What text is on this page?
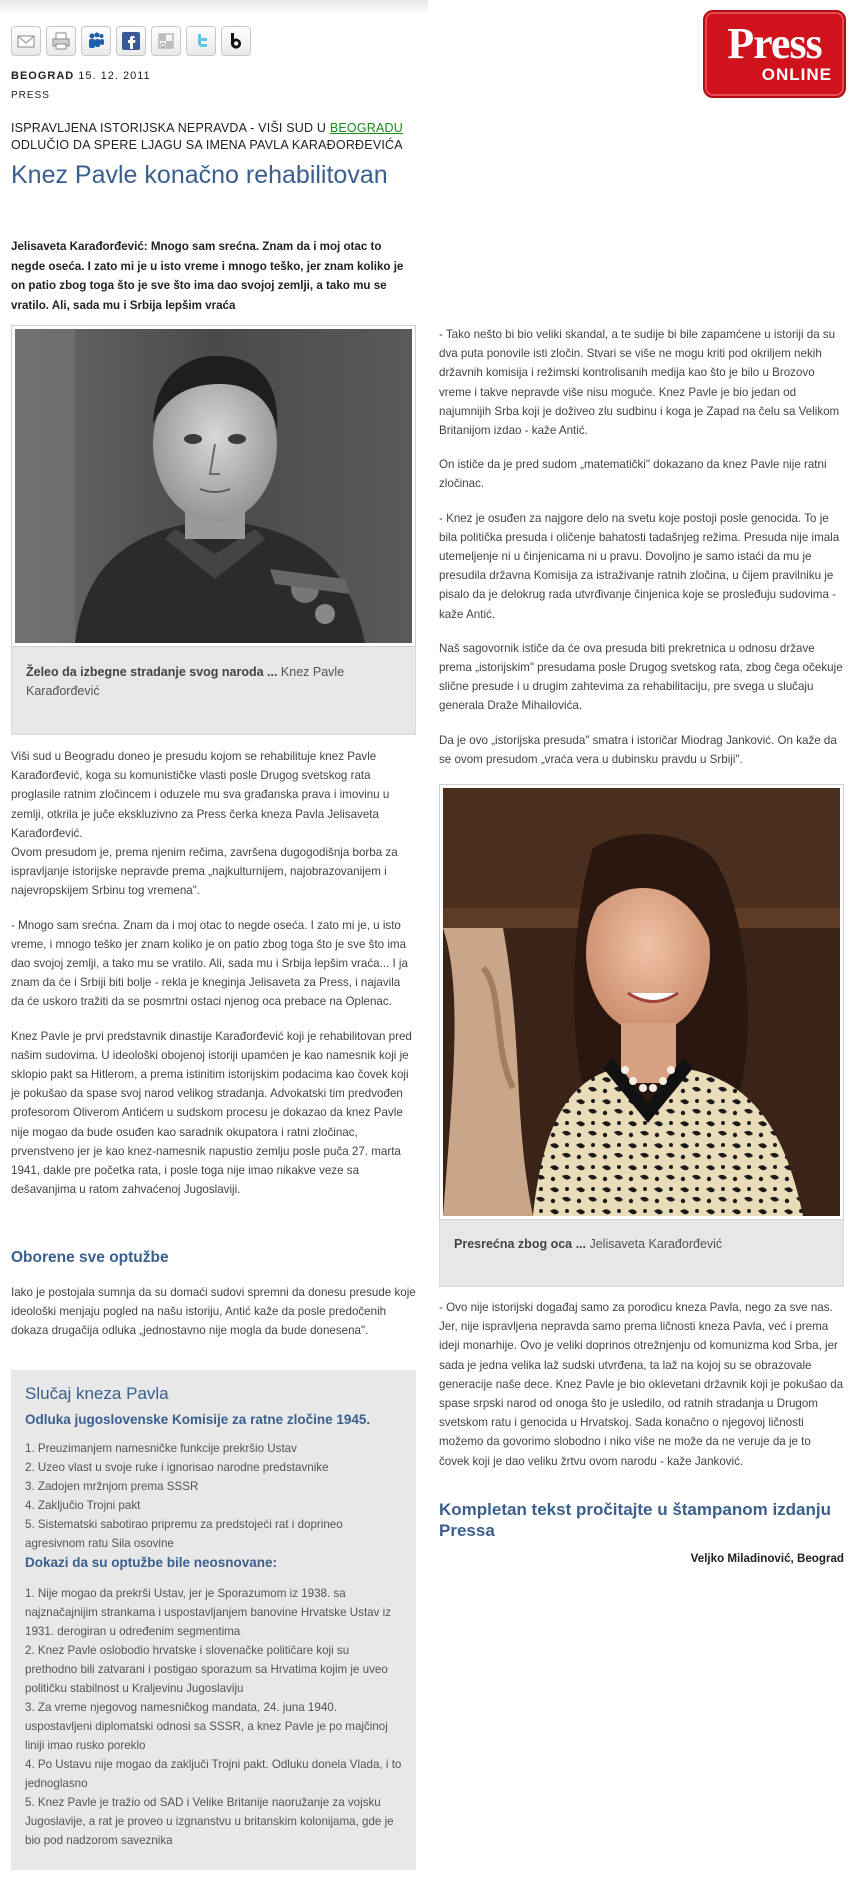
Press
ONLINE
BEOGRAD 15. 12. 2011
PRESS
ISPRAVLJENA ISTORIJSKA NEPRAVDA - VIŠI SUD U BEOGRADU
ODLUČIO DA SPERE LJAGU SA IMENA PAVLA KARAĐORĐEVIĆA
Knez Pavle konačno rehabilitovan
Jelisaveta Karađorđević: Mnogo sam srećna. Znam da i moj otac to negde oseća. I zato mi je u isto vreme i mnogo teško, jer znam koliko je on patio zbog toga što je sve što ima dao svojoj zemlji, a tako mu se vratilo. Ali, sada mu i Srbija lepšim vraća
Želeo da izbegne stradanje svog naroda ... Knez Pavle Karađorđević

Viši sud u Beogradu doneo je presudu kojom se rehabilituje knez Pavle Karađorđević, koga su komunističke vlasti posle Drugog svetskog rata proglasile ratnim zločincem i oduzele mu sva građanska prava i imovinu u zemlji, otkrila je juče ekskluzivno za Press čerka kneza Pavla Jelisaveta Karađorđević.

Ovom presudom je, prema njenim rečima, završena dugogodišnja borba za ispravljanje istorijske nepravde prema „najkulturnijem, najobrazovanijem i najevropskijem Srbinu tog vremena".

- Mnogo sam srećna. Znam da i moj otac to negde oseća. I zato mi je, u isto vreme, i mnogo teško jer znam koliko je on patio zbog toga što je sve što ima dao svojoj zemlji, a tako mu se vratilo. Ali, sada mu i Srbija lepšim vraća... I ja znam da će i Srbiji biti bolje - rekla je kneginja Jelisaveta za Press, i najavila da će uskoro tražiti da se posmrtni ostaci njenog oca prebace na Oplenac.

Knez Pavle je prvi predstavnik dinastije Karađorđević koji je rehabilitovan pred našim sudovima. U ideološki obojenoj istoriji upamćen je kao namesnik koji je sklopio pakt sa Hitlerom, a prema istinitim istorijskim podacima kao čovek koji je pokušao da spase svoj narod velikog stradanja. Advokatski tim predvođen profesorom Oliverom Antićem u sudskom procesu je dokazao da knez Pavle nije mogao da bude osuđen kao saradnik okupatora i ratni zločinac, prvenstveno jer je kao knez-namesnik napustio zemlju posle puča 27. marta 1941, dakle pre početka rata, i posle toga nije imao nikakve veze sa dešavanjima u ratom zahvaćenoj Jugoslaviji.

Oborene sve optužbe

Iako je postojala sumnja da su domaći sudovi spremni da donesu presude koje ideološki menjaju pogled na našu istoriju, Antić kaže da posle predočenih dokaza drugačija odluka „jednostavno nije mogla da bude donesena".

Slučaj kneza Pavla
Odluka jugoslovenske Komisije za ratne zločine 1945.
1. Preuzimanjem namesničke funkcije prekršio Ustav
2. Uzeo vlast u svoje ruke i ignorisao narodne predstavnike
3. Zadojen mržnjom prema SSSR
4. Zaključio Trojni pakt
5. Sistematski sabotirao pripremu za predstojeći rat i doprineo agresivnom ratu Sila osovine
Dokazi da su optužbe bile neosnovane:
1. Nije mogao da prekrši Ustav, jer je Sporazumom iz 1938. sa najznačajnijim strankama i uspostavljanjem banovine Hrvatske Ustav iz 1931. derogiran u određenim segmentima
2. Knez Pavle oslobodio hrvatske i slovenačke političare koji su prethodno bili zatvarani i postigao sporazum sa Hrvatima kojim je uveo političku stabilnost u Kraljevinu Jugoslaviju
3. Za vreme njegovog namesničkog mandata, 24. juna 1940. uspostavljeni diplomatski odnosi sa SSSR, a knez Pavle je po majčinoj liniji imao rusko poreklo
4. Po Ustavu nije mogao da zaključi Trojni pakt. Odluku donela Vlada, i to jednoglasno
5. Knez Pavle je tražio od SAD i Velike Britanije naoružanje za vojsku Jugoslavije, a rat je proveo u izgnanstvu u britanskim kolonijama, gde je bio pod nadzorom saveznika

- Tako nešto bi bio veliki skandal, a te sudije bi bile zapamćene u istoriji da su dva puta ponovile isti zločin. Stvari se više ne mogu kriti pod okriljem nekih državnih komisija i režimski kontrolisanih medija kao što je bilo u Brozovo vreme i takve nepravde više nisu moguće. Knez Pavle je bio jedan od najumnijih Srba koji je doživeo zlu sudbinu i koga je Zapad na čelu sa Velikom Britanijom izdao - kaže Antić.

On ističe da je pred sudom „matematički" dokazano da knez Pavle nije ratni zločinac.

- Knez je osuđen za najgore delo na svetu koje postoji posle genocida. To je bila politička presuda i oličenje bahatosti tadašnjeg režima. Presuda nije imala utemeljenje ni u činjenicama ni u pravu. Dovoljno je samo istaći da mu je presudila državna Komisija za istraživanje ratnih zločina, u čijem pravilniku je pisalo da je delokrug rada utvrđivanje činjenica koje se prosleđuju sudovima - kaže Antić.

Naš sagovornik ističe da će ova presuda biti prekretnica u odnosu države prema „istorijskim" presudama posle Drugog svetskog rata, zbog čega očekuje slične presude i u drugim zahtevima za rehabilitaciju, pre svega u slučaju generala Draže Mihailovića.

Da je ovo „istorijska presuda" smatra i istoričar Miodrag Janković. On kaže da se ovom presudom „vraća vera u dubinsku pravdu u Srbiji".

Presrećna zbog oca ... Jelisaveta Karađorđević

- Ovo nije istorijski događaj samo za porodicu kneza Pavla, nego za sve nas. Jer, nije ispravljena nepravda samo prema ličnosti kneza Pavla, već i prema ideji monarhije. Ovo je veliki doprinos otrežnjenju od komunizma kod Srba, jer sada je jedna velika laž sudski utvrđena, ta laž na kojoj su se obrazovale generacije naše dece. Knez Pavle je bio oklevetani državnik koji je pokušao da spase srpski narod od onoga što je usledilo, od ratnih stradanja u Drugom svetskom ratu i genocida u Hrvatskoj. Sada konačno o njegovoj ličnosti možemo da govorimo slobodno i niko više ne može da ne veruje da je to čovek koji je dao veliku žrtvu ovom narodu - kaže Janković.

Kompletan tekst pročitajte u štampanom izdanju Pressa
Veljko Miladinović, Beograd
